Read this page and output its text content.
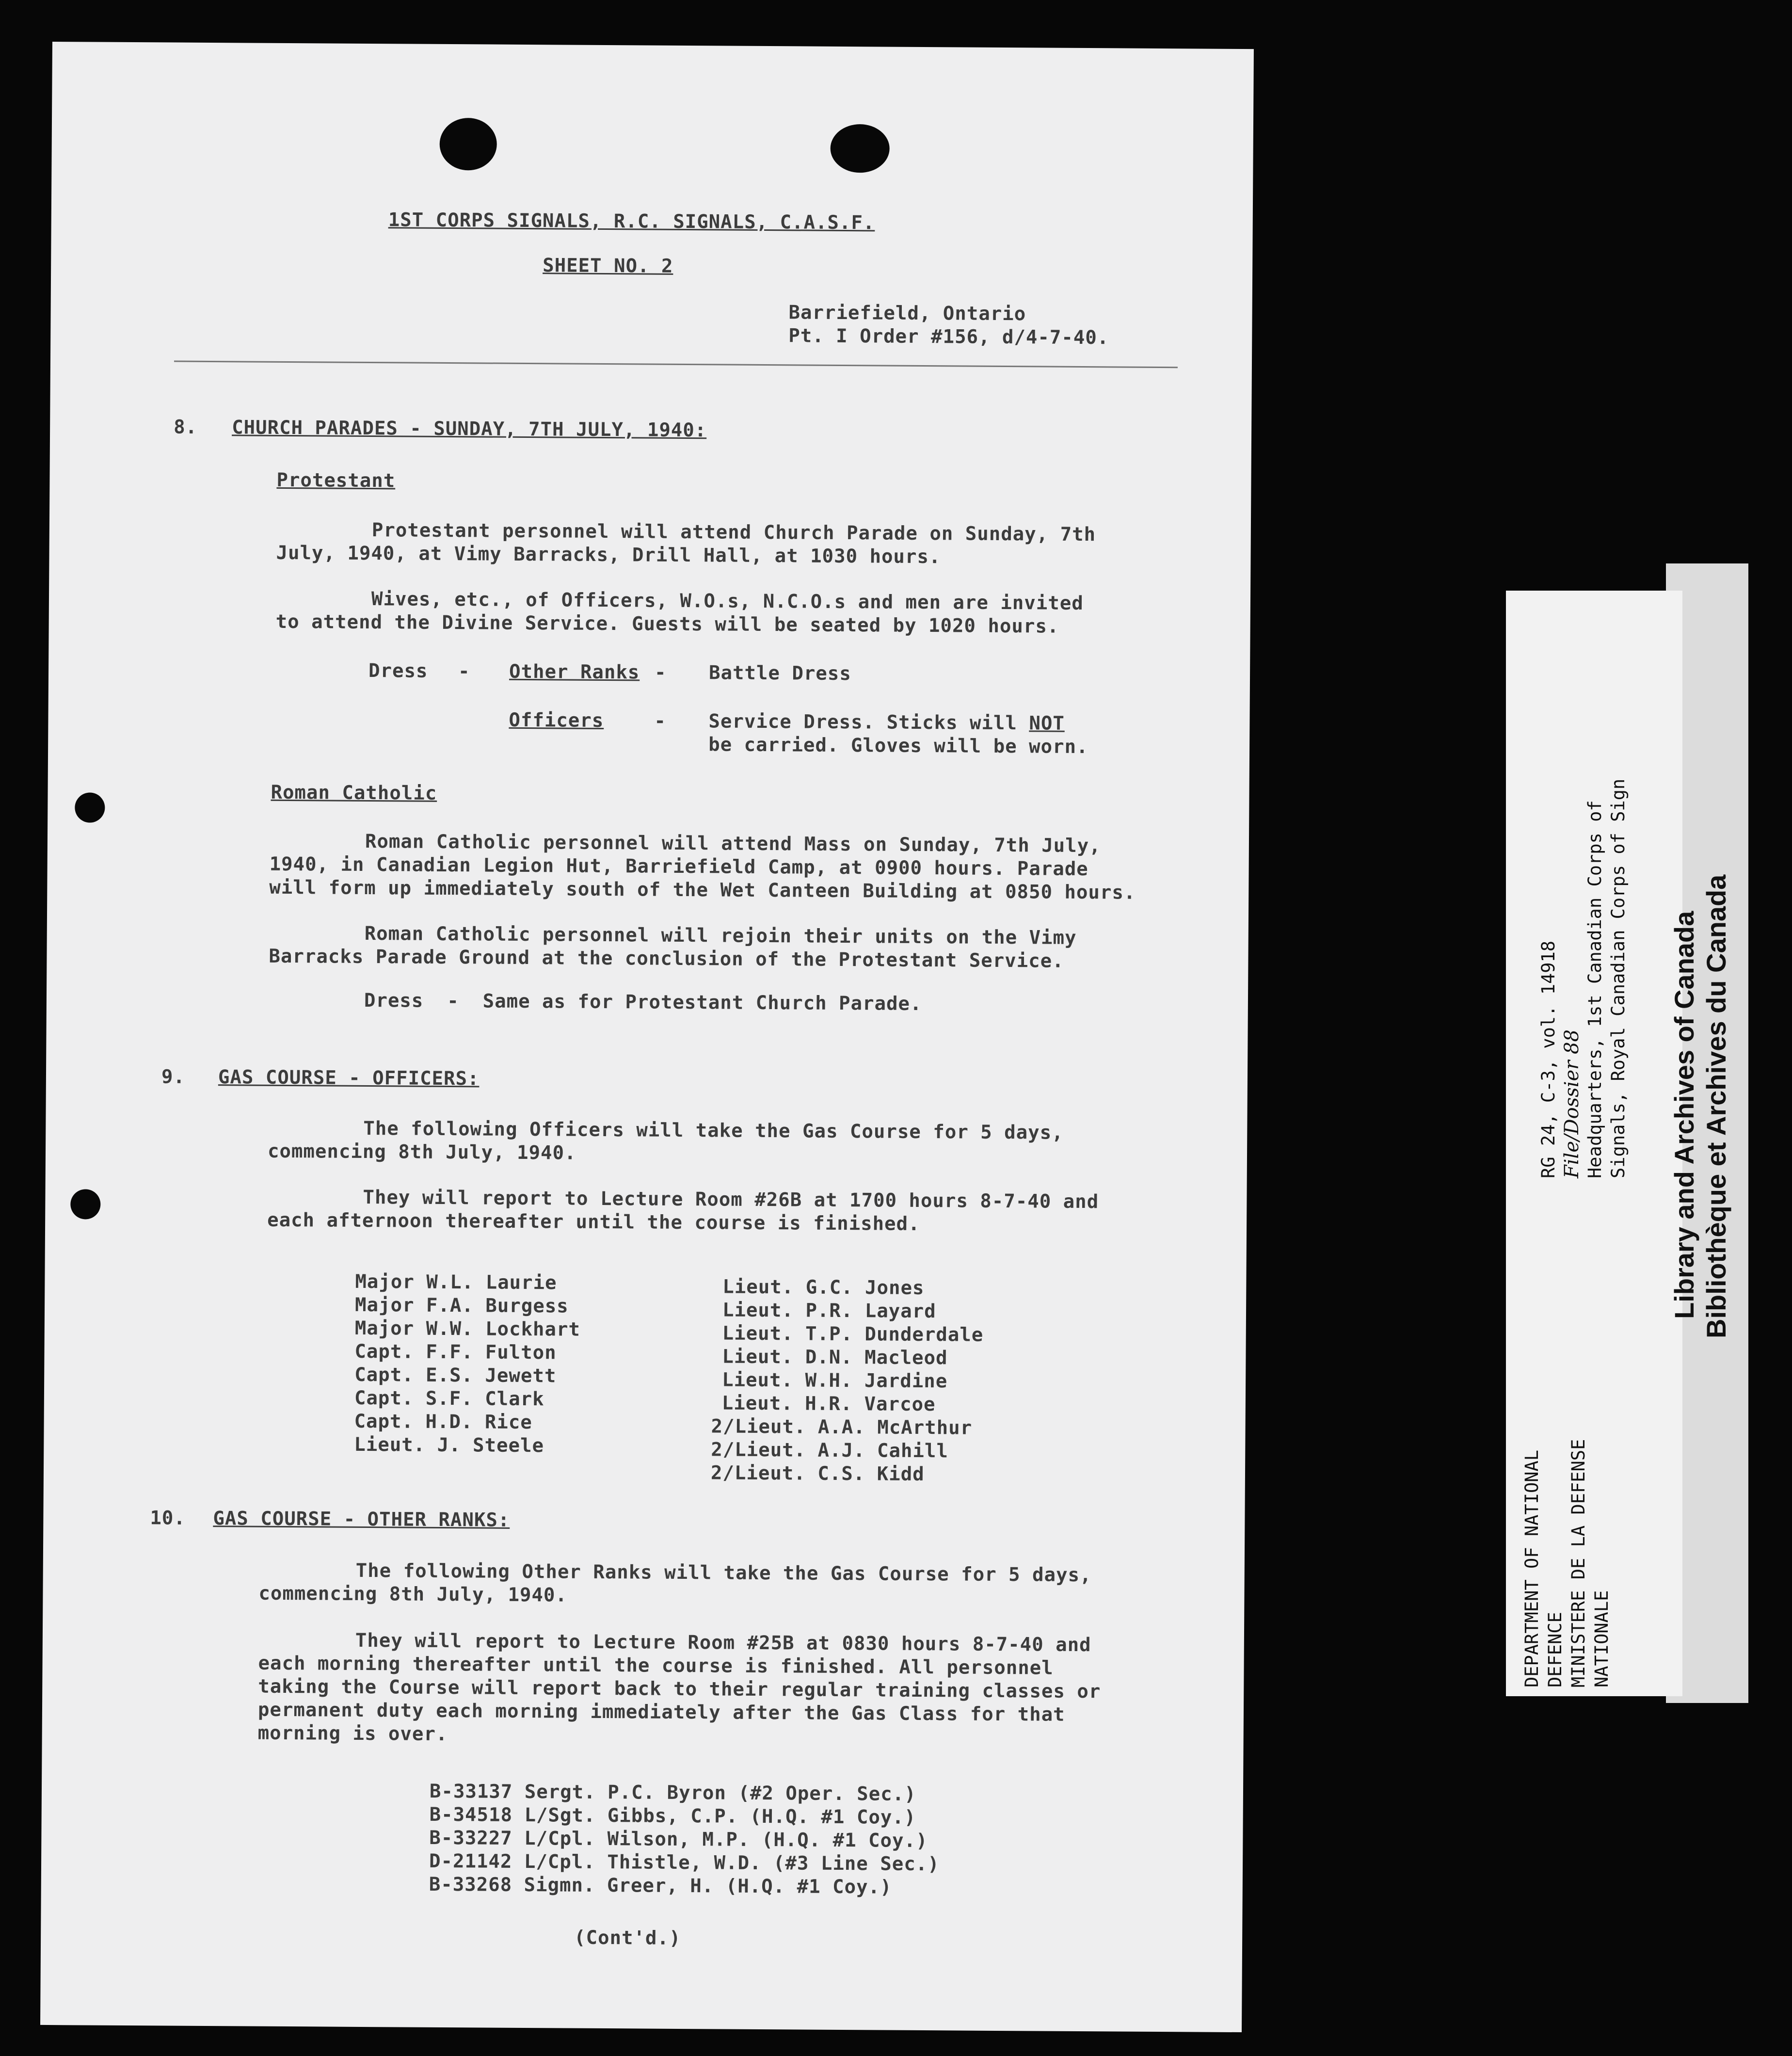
1ST CORPS SIGNALS, R.C. SIGNALS, C.A.S.F.
SHEET NO. 2
Barriefield, Ontario
Pt. I Order #156, d/4-7-40.
8. CHURCH PARADES - SUNDAY, 7TH JULY, 1940:
Protestant
Protestant personnel will attend Church Parade on Sunday, 7th
July, 1940, at Vimy Barracks, Drill Hall, at 1030 hours.
Wives, etc., of Officers, W.O.s, N.C.O.s and men are invited
to attend the Divine Service. Guests will be seated by 1020 hours.
Dress - Other Ranks - Battle Dress
Officers	- Service Dress. Sticks will NOT
be carried. Gloves will be worn.
Roman Catholic
Roman Catholic personnel will attend Mass on Sunday, 7th July,
1940, in Canadian Legion Hut, Barriefield Camp, at 0900 hours. Parade
will form up immediately south of the Wet Canteen Building at 0850 hours.
Roman Catholic personnel will rejoin their units on the Vimy
Barracks Parade Ground at the conclusion of the Protestant Service.
Dress  -  Same as for Protestant Church Parade.
9. GAS COURSE - OFFICERS:
The following Officers will take the Gas Course for 5 days,
commencing 8th July, 1940.
They will report to Lecture Room #26B at 1700 hours 8-7-40 and
each afternoon thereafter until the course is finished.
Major W.L. Laurie
Major F.A. Burgess
Major W.W. Lockhart
Capt. F.F. Fulton
Capt. E.S. Jewett
Capt. S.F. Clark
Capt. H.D. Rice
Lieut. J. Steele
Lieut. G.C. Jones
Lieut. P.R. Layard
Lieut. T.P. Dunderdale
Lieut. D.N. Macleod
Lieut. W.H. Jardine
Lieut. H.R. Varcoe
2/Lieut. A.A. McArthur
2/Lieut. A.J. Cahill
2/Lieut. C.S. Kidd
10. GAS COURSE - OTHER RANKS:
The following Other Ranks will take the Gas Course for 5 days,
commencing 8th July, 1940.
They will report to Lecture Room #25B at 0830 hours 8-7-40 and
each morning thereafter until the course is finished. All personnel
taking the Course will report back to their regular training classes or
permanent duty each morning immediately after the Gas Class for that
morning is over.
B-33137 Sergt. P.C. Byron (#2 Oper. Sec.)
B-34518 L/Sgt. Gibbs, C.P. (H.Q. #1 Coy.)
B-33227 L/Cpl. Wilson, M.P. (H.Q. #1 Coy.)
D-21142 L/Cpl. Thistle, W.D. (#3 Line Sec.)
B-33268 Sigmn. Greer, H. (H.Q. #1 Coy.)
(Cont'd.)
Library and Archives of Canada Bibliothèque et Archives du Canada
RG 24, C-3, vol. 14918 File/Dossier 88 Headquarters, 1st Canadian Corps of Signals, Royal Canadian Corps of Sign
DEPARTMENT OF NATIONAL DEFENCE MINISTERE DE LA DEFENSE NATIONALE
